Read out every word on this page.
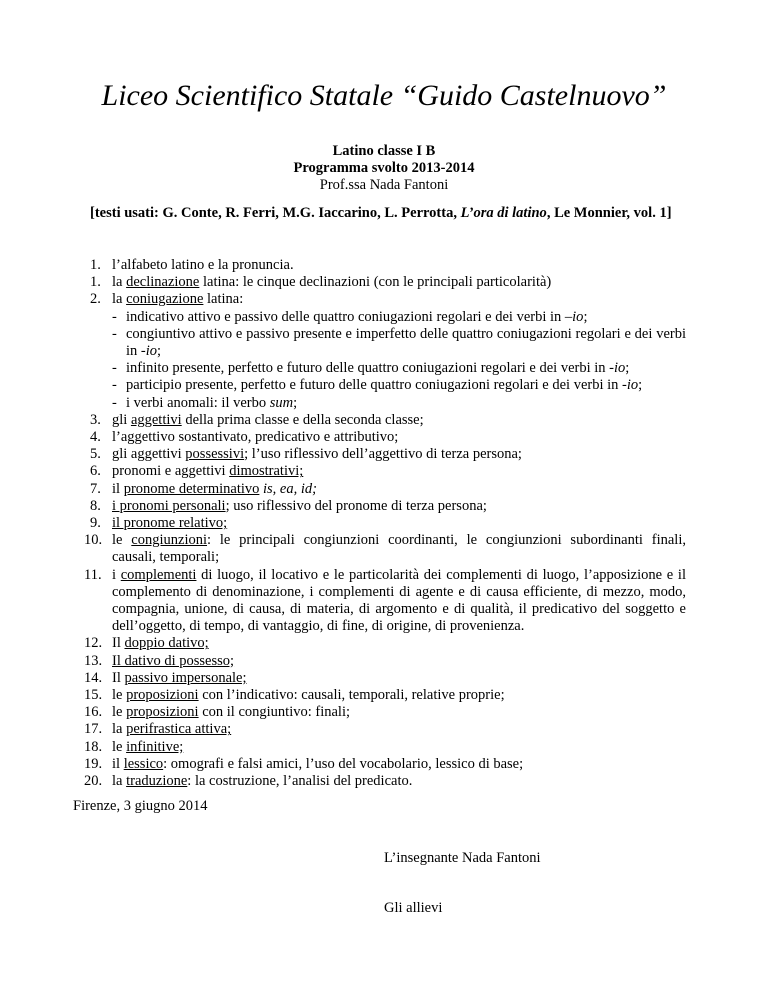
Liceo Scientifico Statale “Guido Castelnuovo”
Latino classe I B
Programma svolto 2013-2014
Prof.ssa Nada Fantoni
[testi usati: G. Conte, R. Ferri, M.G. Iaccarino, L. Perrotta, L’ora di latino, Le Monnier, vol. 1]
1. l’alfabeto latino e la pronuncia.
1. la declinazione latina: le cinque declinazioni (con le principali particolarità)
2. la coniugazione latina:
- indicativo attivo e passivo delle quattro coniugazioni regolari e dei verbi in –io;
- congiuntivo attivo e passivo presente e imperfetto delle quattro coniugazioni regolari e dei verbi in -io;
- infinito presente, perfetto e futuro delle quattro coniugazioni regolari e dei verbi in -io;
- participio presente, perfetto e futuro delle quattro coniugazioni regolari e dei verbi in -io;
- i verbi anomali: il verbo sum;
3. gli aggettivi della prima classe e della seconda classe;
4. l’aggettivo sostantivato, predicativo e attributivo;
5. gli aggettivi possessivi; l’uso riflessivo dell’aggettivo di terza persona;
6. pronomi e aggettivi dimostrativi;
7. il pronome determinativo is, ea, id;
8. i pronomi personali; uso riflessivo del pronome di terza persona;
9. il pronome relativo;
10. le congiunzioni: le principali congiunzioni coordinanti, le congiunzioni subordinanti finali, causali, temporali;
11. i complementi di luogo, il locativo e le particolarità dei complementi di luogo, l’apposizione e il complemento di denominazione, i complementi di agente e di causa efficiente, di mezzo, modo, compagnia, unione, di causa, di materia, di argomento e di qualità, il predicativo del soggetto e dell’oggetto, di tempo, di vantaggio, di fine, di origine, di provenienza.
12. Il doppio dativo;
13. Il dativo di possesso;
14. Il passivo impersonale;
15. le proposizioni con l’indicativo: causali, temporali, relative proprie;
16. le proposizioni con il congiuntivo: finali;
17. la perifrastica attiva;
18. le infinitive;
19. il lessico: omografi e falsi amici, l’uso del vocabolario, lessico di base;
20. la traduzione: la costruzione, l’analisi del predicato.
Firenze, 3 giugno 2014
L’insegnante Nada Fantoni
Gli allievi
